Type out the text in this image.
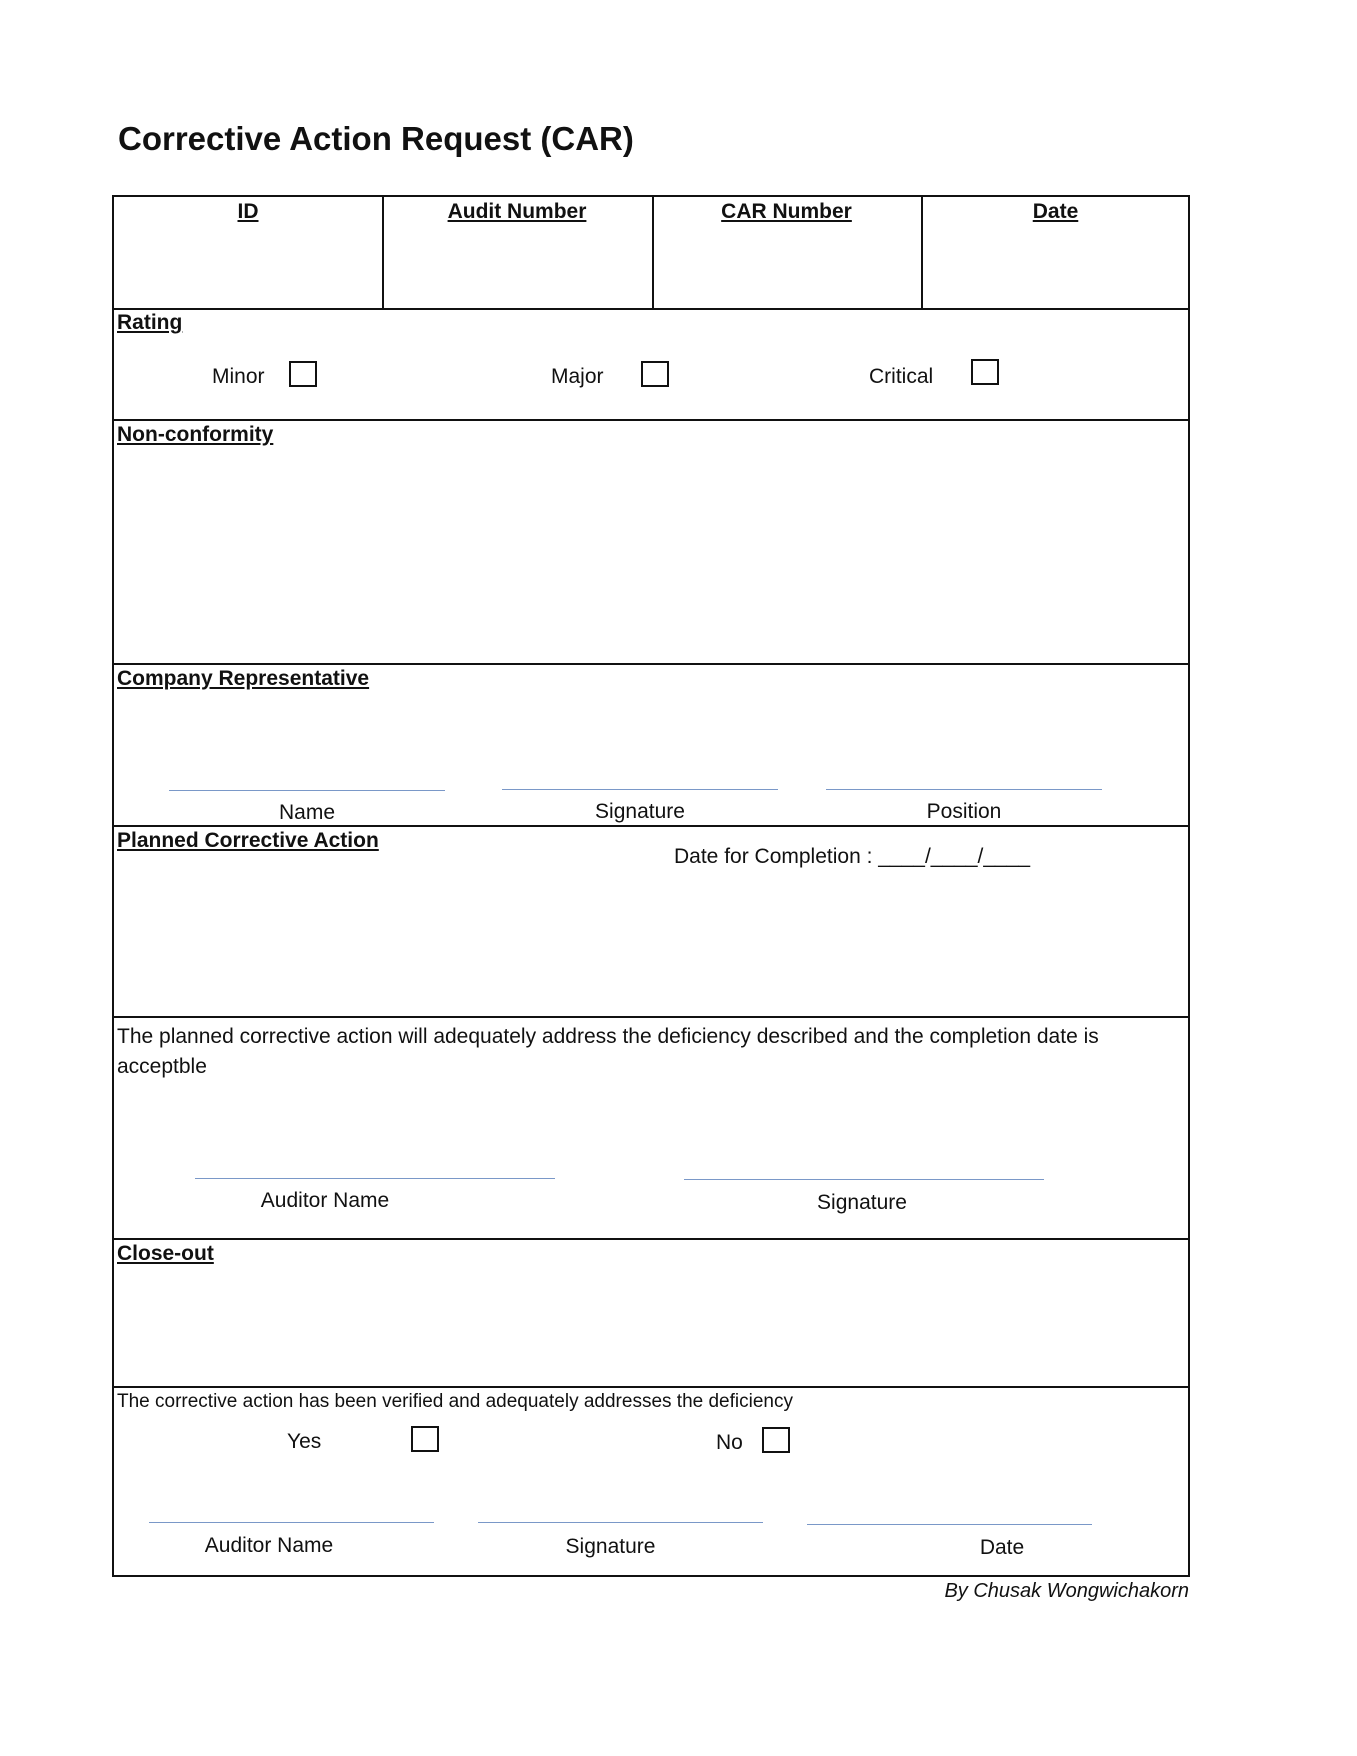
Corrective Action Request (CAR)
ID	Audit Number	CAR Number	Date
Rating
Minor	Major	Critical
Non-conformity
Company Representative
Name	Signature	Position
Planned Corrective Action
Date for Completion : ____/____/____
The planned corrective action will adequately address the deficiency described and the completion date is acceptble
Auditor Name	Signature
Close-out
The corrective action has been verified and adequately addresses the deficiency
Yes	No
Auditor Name	Signature	Date
By Chusak Wongwichakorn
